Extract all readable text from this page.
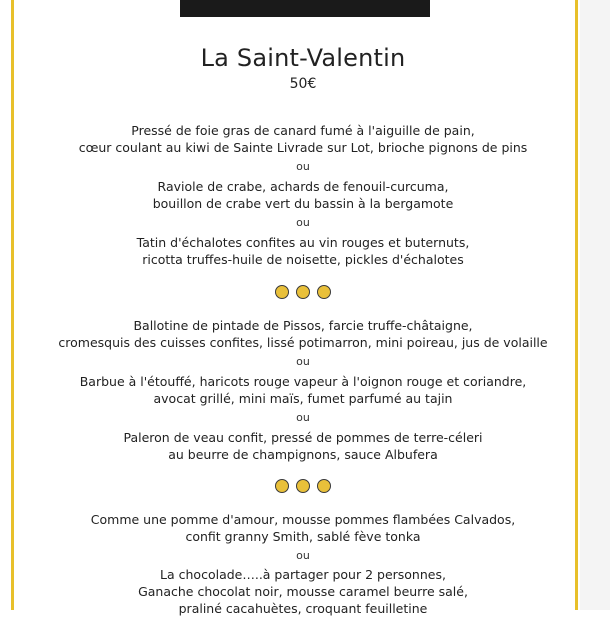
La Saint-Valentin
50€
Pressé de foie gras de canard fumé à l'aiguille de pain,
cœur coulant au kiwi de Sainte Livrade sur Lot, brioche pignons de pins
ou
Raviole de crabe, achards de fenouil-curcuma,
bouillon de crabe vert du bassin à la bergamote
ou
Tatin d'échalotes confites au vin rouges et buternuts,
ricotta truffes-huile de noisette, pickles d'échalotes

Ballotine de pintade de Pissos, farcie truffe-châtaigne,
cromesquis des cuisses confites, lissé potimarron, mini poireau, jus de volaille
ou
Barbue à l'étouffé, haricots rouge vapeur à l'oignon rouge et coriandre,
avocat grillé, mini maïs, fumet parfumé au tajin
ou
Paleron de veau confit, pressé de pommes de terre-céleri
au beurre de champignons, sauce Albufera

Comme une pomme d'amour, mousse pommes flambées Calvados,
confit granny Smith, sablé fève tonka
ou
La chocolade…..à partager pour 2 personnes,
Ganache chocolat noir, mousse caramel beurre salé,
praliné cacahuètes, croquant feuilletine
